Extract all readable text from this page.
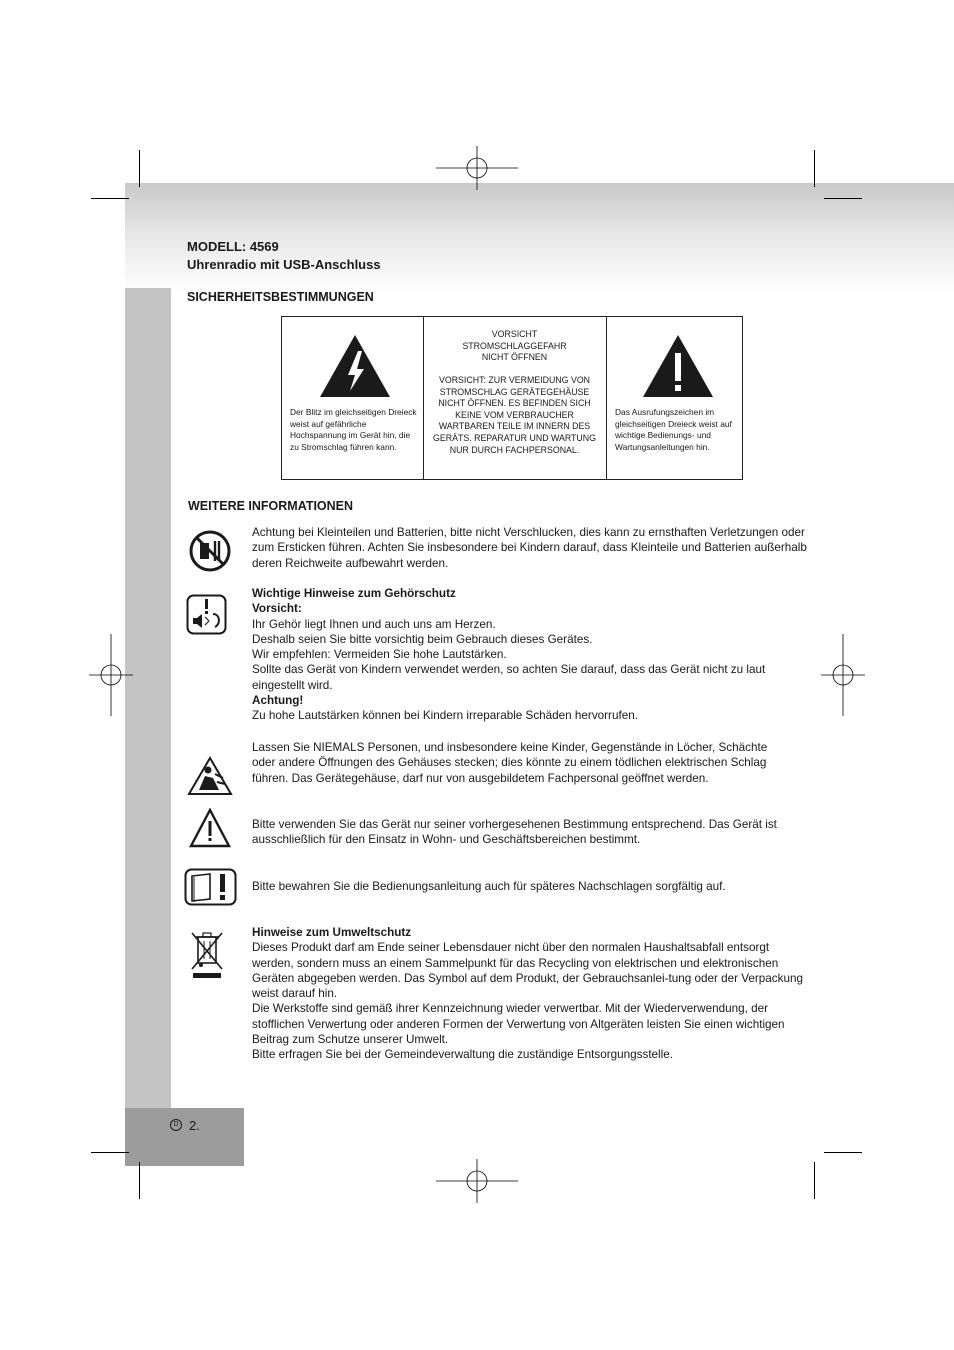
MODELL: 4569
Uhrenradio mit USB-Anschluss
SICHERHEITSBESTIMMUNGEN
Der Blitz im gleichseitigen Dreieck weist auf gefährliche Hochspannung im Gerät hin, die zu Stromschlag führen kann.
VORSICHT
STROMSCHLAGGEFAHR
NICHT ÖFFNEN
VORSICHT: ZUR VERMEIDUNG VON STROMSCHLAG GERÄTEGEHÄUSE NICHT ÖFFNEN. ES BEFINDEN SICH KEINE VOM VERBRAUCHER WARTBAREN TEILE IM INNERN DES GERÄTS. REPARATUR UND WARTUNG NUR DURCH FACHPERSONAL.
Das Ausrufungszeichen im gleichseitigen Dreieck weist auf wichtige Bedienungs- und Wartungsanleitungen hin.
WEITERE INFORMATIONEN
Achtung bei Kleinteilen und Batterien, bitte nicht Verschlucken, dies kann zu ernsthaften Verletzungen oder zum Ersticken führen. Achten Sie insbesondere bei Kindern darauf, dass Kleinteile und Batterien außerhalb deren Reichweite aufbewahrt werden.

Wichtige Hinweise zum Gehörschutz

Vorsicht:

Ihr Gehör liegt Ihnen und auch uns am Herzen.

Deshalb seien Sie bitte vorsichtig beim Gebrauch dieses Gerätes.

Wir empfehlen: Vermeiden Sie hohe Lautstärken.

Sollte das Gerät von Kindern verwendet werden, so achten Sie darauf, dass das Gerät nicht zu laut eingestellt wird.

Achtung!

Zu hohe Lautstärken können bei Kindern irreparable Schäden hervorrufen.

Lassen Sie NIEMALS Personen, und insbesondere keine Kinder, Gegenstände in Löcher, Schächte oder andere Öffnungen des Gehäuses stecken; dies könnte zu einem tödlichen elektrischen Schlag führen. Das Gerätegehäuse, darf nur von ausgebildetem Fachpersonal geöffnet werden.
Bitte verwenden Sie das Gerät nur seiner vorhergesehenen Bestimmung entsprechend. Das Gerät ist ausschließlich für den Einsatz in Wohn- und Geschäftsbereichen bestimmt.
Bitte bewahren Sie die Bedienungsanleitung auch für späteres Nachschlagen sorgfältig auf.

Hinweise zum Umweltschutz

Dieses Produkt darf am Ende seiner Lebensdauer nicht über den normalen Haushaltsabfall entsorgt werden, sondern muss an einem Sammelpunkt für das Recycling von elektrischen und elektronischen Geräten abgegeben werden. Das Symbol auf dem Produkt, der Gebrauchsanlei-tung oder der Verpackung weist darauf hin.

Die Werkstoffe sind gemäß ihrer Kennzeichnung wieder verwertbar. Mit der Wiederverwendung, der stofflichen Verwertung oder anderen Formen der Verwertung von Altgeräten leisten Sie einen wichtigen Beitrag zum Schutze unserer Umwelt.

Bitte erfragen Sie bei der Gemeindeverwaltung die zuständige Entsorgungsstelle.

D 2.
